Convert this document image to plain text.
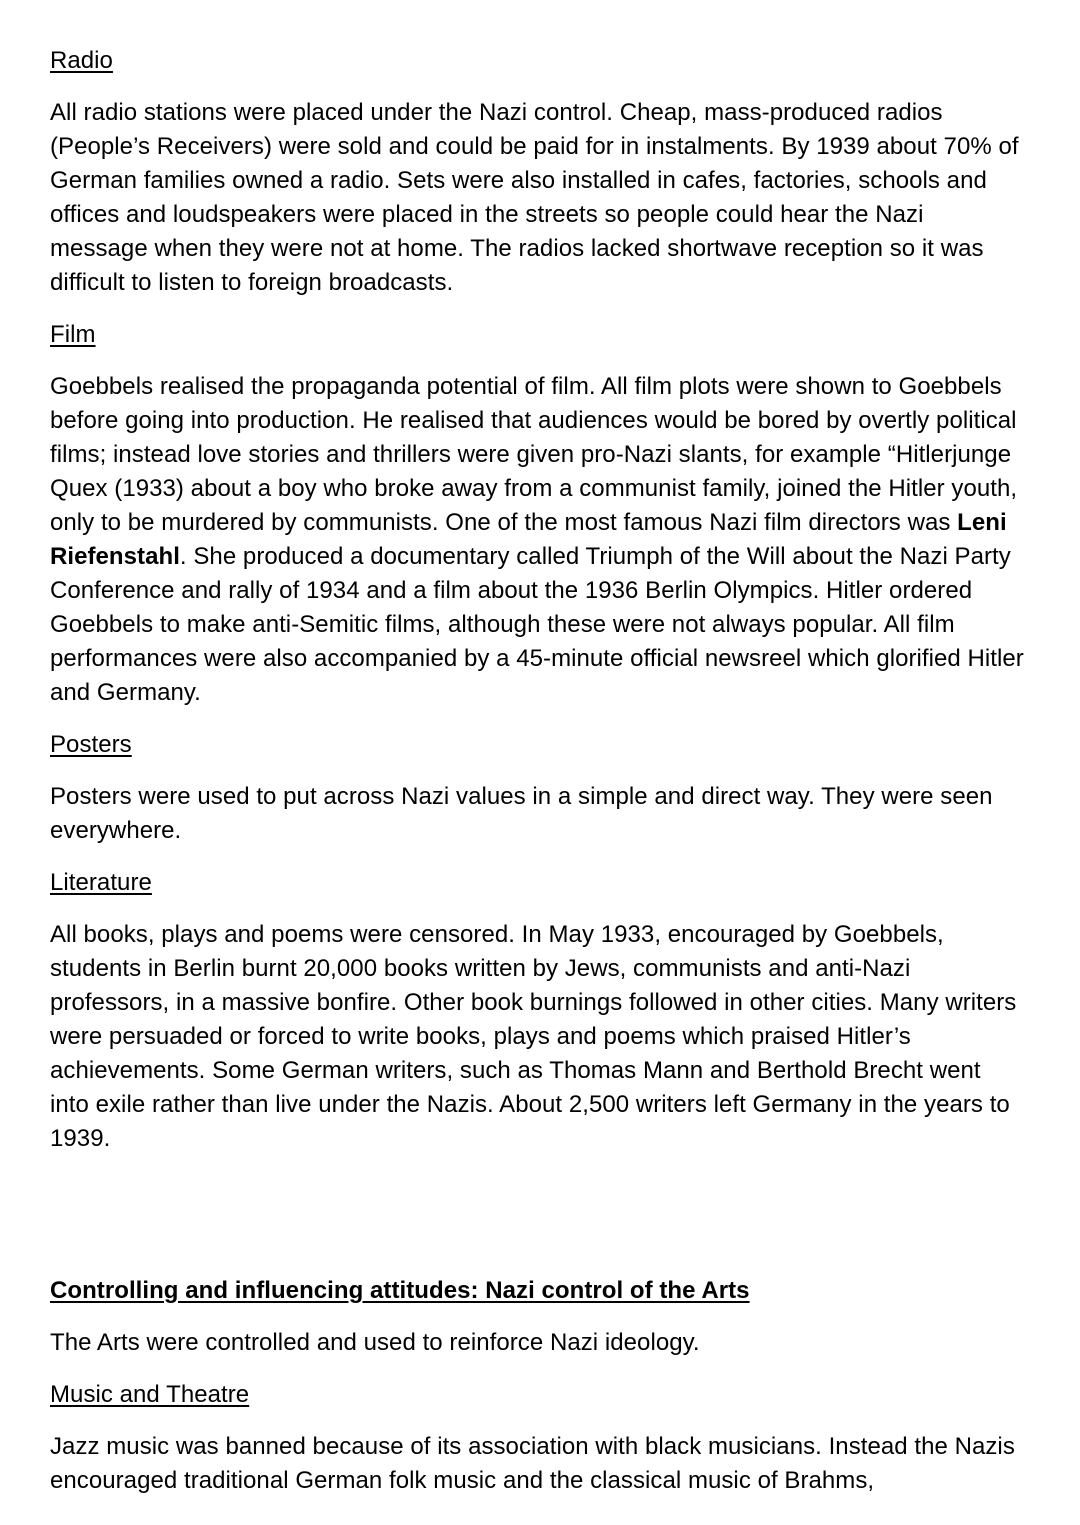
Radio
All radio stations were placed under the Nazi control. Cheap, mass-produced radios (People’s Receivers) were sold and could be paid for in instalments. By 1939 about 70% of German families owned a radio. Sets were also installed in cafes, factories, schools and offices and loudspeakers were placed in the streets so people could hear the Nazi message when they were not at home. The radios lacked shortwave reception so it was difficult to listen to foreign broadcasts.
Film
Goebbels realised the propaganda potential of film. All film plots were shown to Goebbels before going into production. He realised that audiences would be bored by overtly political films; instead love stories and thrillers were given pro-Nazi slants, for example “Hitlerjunge Quex (1933) about a boy who broke away from a communist family, joined the Hitler youth, only to be murdered by communists. One of the most famous Nazi film directors was Leni Riefenstahl. She produced a documentary called Triumph of the Will about the Nazi Party Conference and rally of 1934 and a film about the 1936 Berlin Olympics. Hitler ordered Goebbels to make anti-Semitic films, although these were not always popular. All film performances were also accompanied by a 45-minute official newsreel which glorified Hitler and Germany.
Posters
Posters were used to put across Nazi values in a simple and direct way. They were seen everywhere.
Literature
All books, plays and poems were censored. In May 1933, encouraged by Goebbels, students in Berlin burnt 20,000 books written by Jews, communists and anti-Nazi professors, in a massive bonfire. Other book burnings followed in other cities. Many writers were persuaded or forced to write books, plays and poems which praised Hitler’s achievements. Some German writers, such as Thomas Mann and Berthold Brecht went into exile rather than live under the Nazis. About 2,500 writers left Germany in the years to 1939.
Controlling and influencing attitudes: Nazi control of the Arts
The Arts were controlled and used to reinforce Nazi ideology.
Music and Theatre
Jazz music was banned because of its association with black musicians. Instead the Nazis encouraged traditional German folk music and the classical music of Brahms,
